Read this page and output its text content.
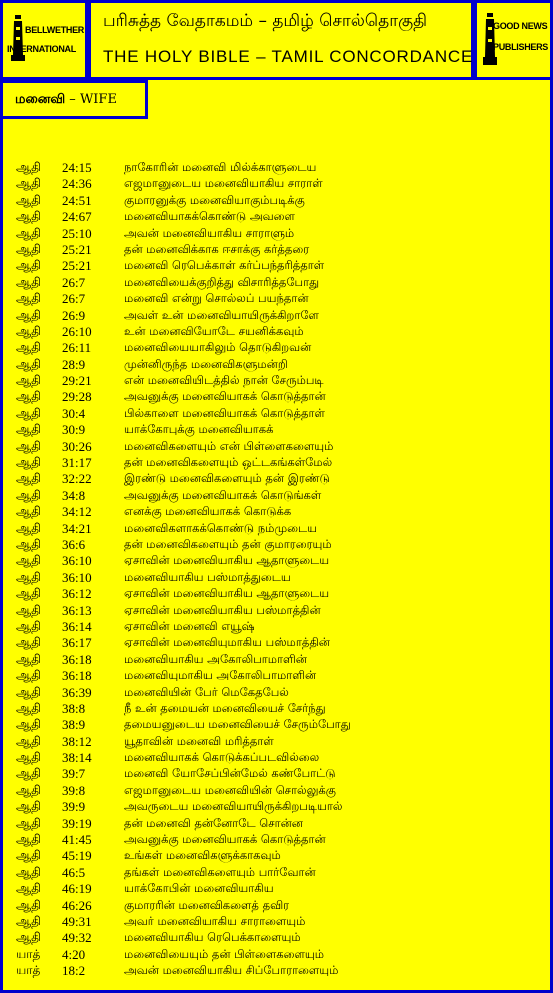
BELLWETHER
INTERNATIONAL
பரிசுத்த வேதாகமம் – தமிழ் சொல்தொகுதி
THE HOLY BIBLE – TAMIL CONCORDANCE
GOOD NEWS
PUBLISHERS
மனைவி – WIFE
ஆதி 24:15	நாகோரின் மனைவி மில்க்காளுடைய
ஆதி 24:36	எஜமானுடைய மனைவியாகிய சாராள்
ஆதி 24:51	குமாரனுக்கு மனைவியாகும்படிக்கு
ஆதி 24:67	மனைவியாகக்கொண்டு அவளை
ஆதி 25:10	அவன் மனைவியாகிய சாராளும்
ஆதி 25:21	தன் மனைவிக்காக ஈசாக்கு கர்த்தரை
ஆதி 25:21	மனைவி ரெபெக்காள் கர்ப்பந்தரித்தாள்
ஆதி 26:7	மனைவியைக்குறித்து விசாரித்தபோது
ஆதி 26:7	மனைவி என்று சொல்லப் பயந்தான்
ஆதி 26:9	அவள் உன் மனைவியாயிருக்கிறாளே
ஆதி 26:10	உன் மனைவியோடே சயனிக்கவும்
ஆதி 26:11	மனைவியையாகிலும் தொடுகிறவன்
ஆதி 28:9	முன்னிருந்த மனைவிகளுமன்றி
ஆதி 29:21	என் மனைவியிடத்தில் நான் சேரும்படி
ஆதி 29:28	அவனுக்கு மனைவியாகக் கொடுத்தான்
ஆதி 30:4	பில்காளை மனைவியாகக் கொடுத்தாள்
ஆதி 30:9	யாக்கோபுக்கு மனைவியாகக்
ஆதி 30:26	மனைவிகளையும் என் பிள்ளைகளையும்
ஆதி 31:17	தன் மனைவிகளையும் ஒட்டகங்கள்மேல்
ஆதி 32:22	இரண்டு மனைவிகளையும் தன் இரண்டு
ஆதி 34:8	அவனுக்கு மனைவியாகக் கொடுங்கள்
ஆதி 34:12	எனக்கு மனைவியாகக் கொடுக்க
ஆதி 34:21	மனைவிகளாகக்கொண்டு நம்முடைய
ஆதி 36:6	தன் மனைவிகளையும் தன் குமாரரையும்
ஆதி 36:10	ஏசாவின் மனைவியாகிய ஆதாளுடைய
ஆதி 36:10	மனைவியாகிய பஸ்மாத்துடைய
ஆதி 36:12	ஏசாவின் மனைவியாகிய ஆதாளுடைய
ஆதி 36:13	ஏசாவின் மனைவியாகிய பஸ்மாத்தின்
ஆதி 36:14	ஏசாவின் மனைவி எயூஷ்
ஆதி 36:17	ஏசாவின் மனைவியுமாகிய பஸ்மாத்தின்
ஆதி 36:18	மனைவியாகிய அகோலிபாமாளின்
ஆதி 36:18	மனைவியுமாகிய அகோலிபாமாளின்
ஆதி 36:39	மனைவியின் பேர் மெகேதபேல்
ஆதி 38:8	நீ உன் தமையன் மனைவியைச் சேர்ந்து
ஆதி 38:9	தமையனுடைய மனைவியைச் சேரும்போது
ஆதி 38:12	யூதாவின் மனைவி மரித்தாள்
ஆதி 38:14	மனைவியாகக் கொடுக்கப்படவில்லை
ஆதி 39:7	மனைவி யோசேப்பின்மேல் கண்போட்டு
ஆதி 39:8	எஜமானுடைய மனைவியின் சொல்லுக்கு
ஆதி 39:9	அவருடைய மனைவியாயிருக்கிறபடியால்
ஆதி 39:19	தன் மனைவி தன்னோடே சொன்ன
ஆதி 41:45	அவனுக்கு மனைவியாகக் கொடுத்தான்
ஆதி 45:19	உங்கள் மனைவிகளுக்காகவும்
ஆதி 46:5	தங்கள் மனைவிகளையும் பார்வோன்
ஆதி 46:19	யாக்கோபின் மனைவியாகிய
ஆதி 46:26	குமாரரின் மனைவிகளைத் தவிர
ஆதி 49:31	அவர் மனைவியாகிய சாராளையும்
ஆதி 49:32	மனைவியாகிய ரெபெக்காளையும்
யாத் 4:20	மனைவியையும் தன் பிள்ளைகளையும்
யாத் 18:2	அவன் மனைவியாகிய சிப்போராளையும்
